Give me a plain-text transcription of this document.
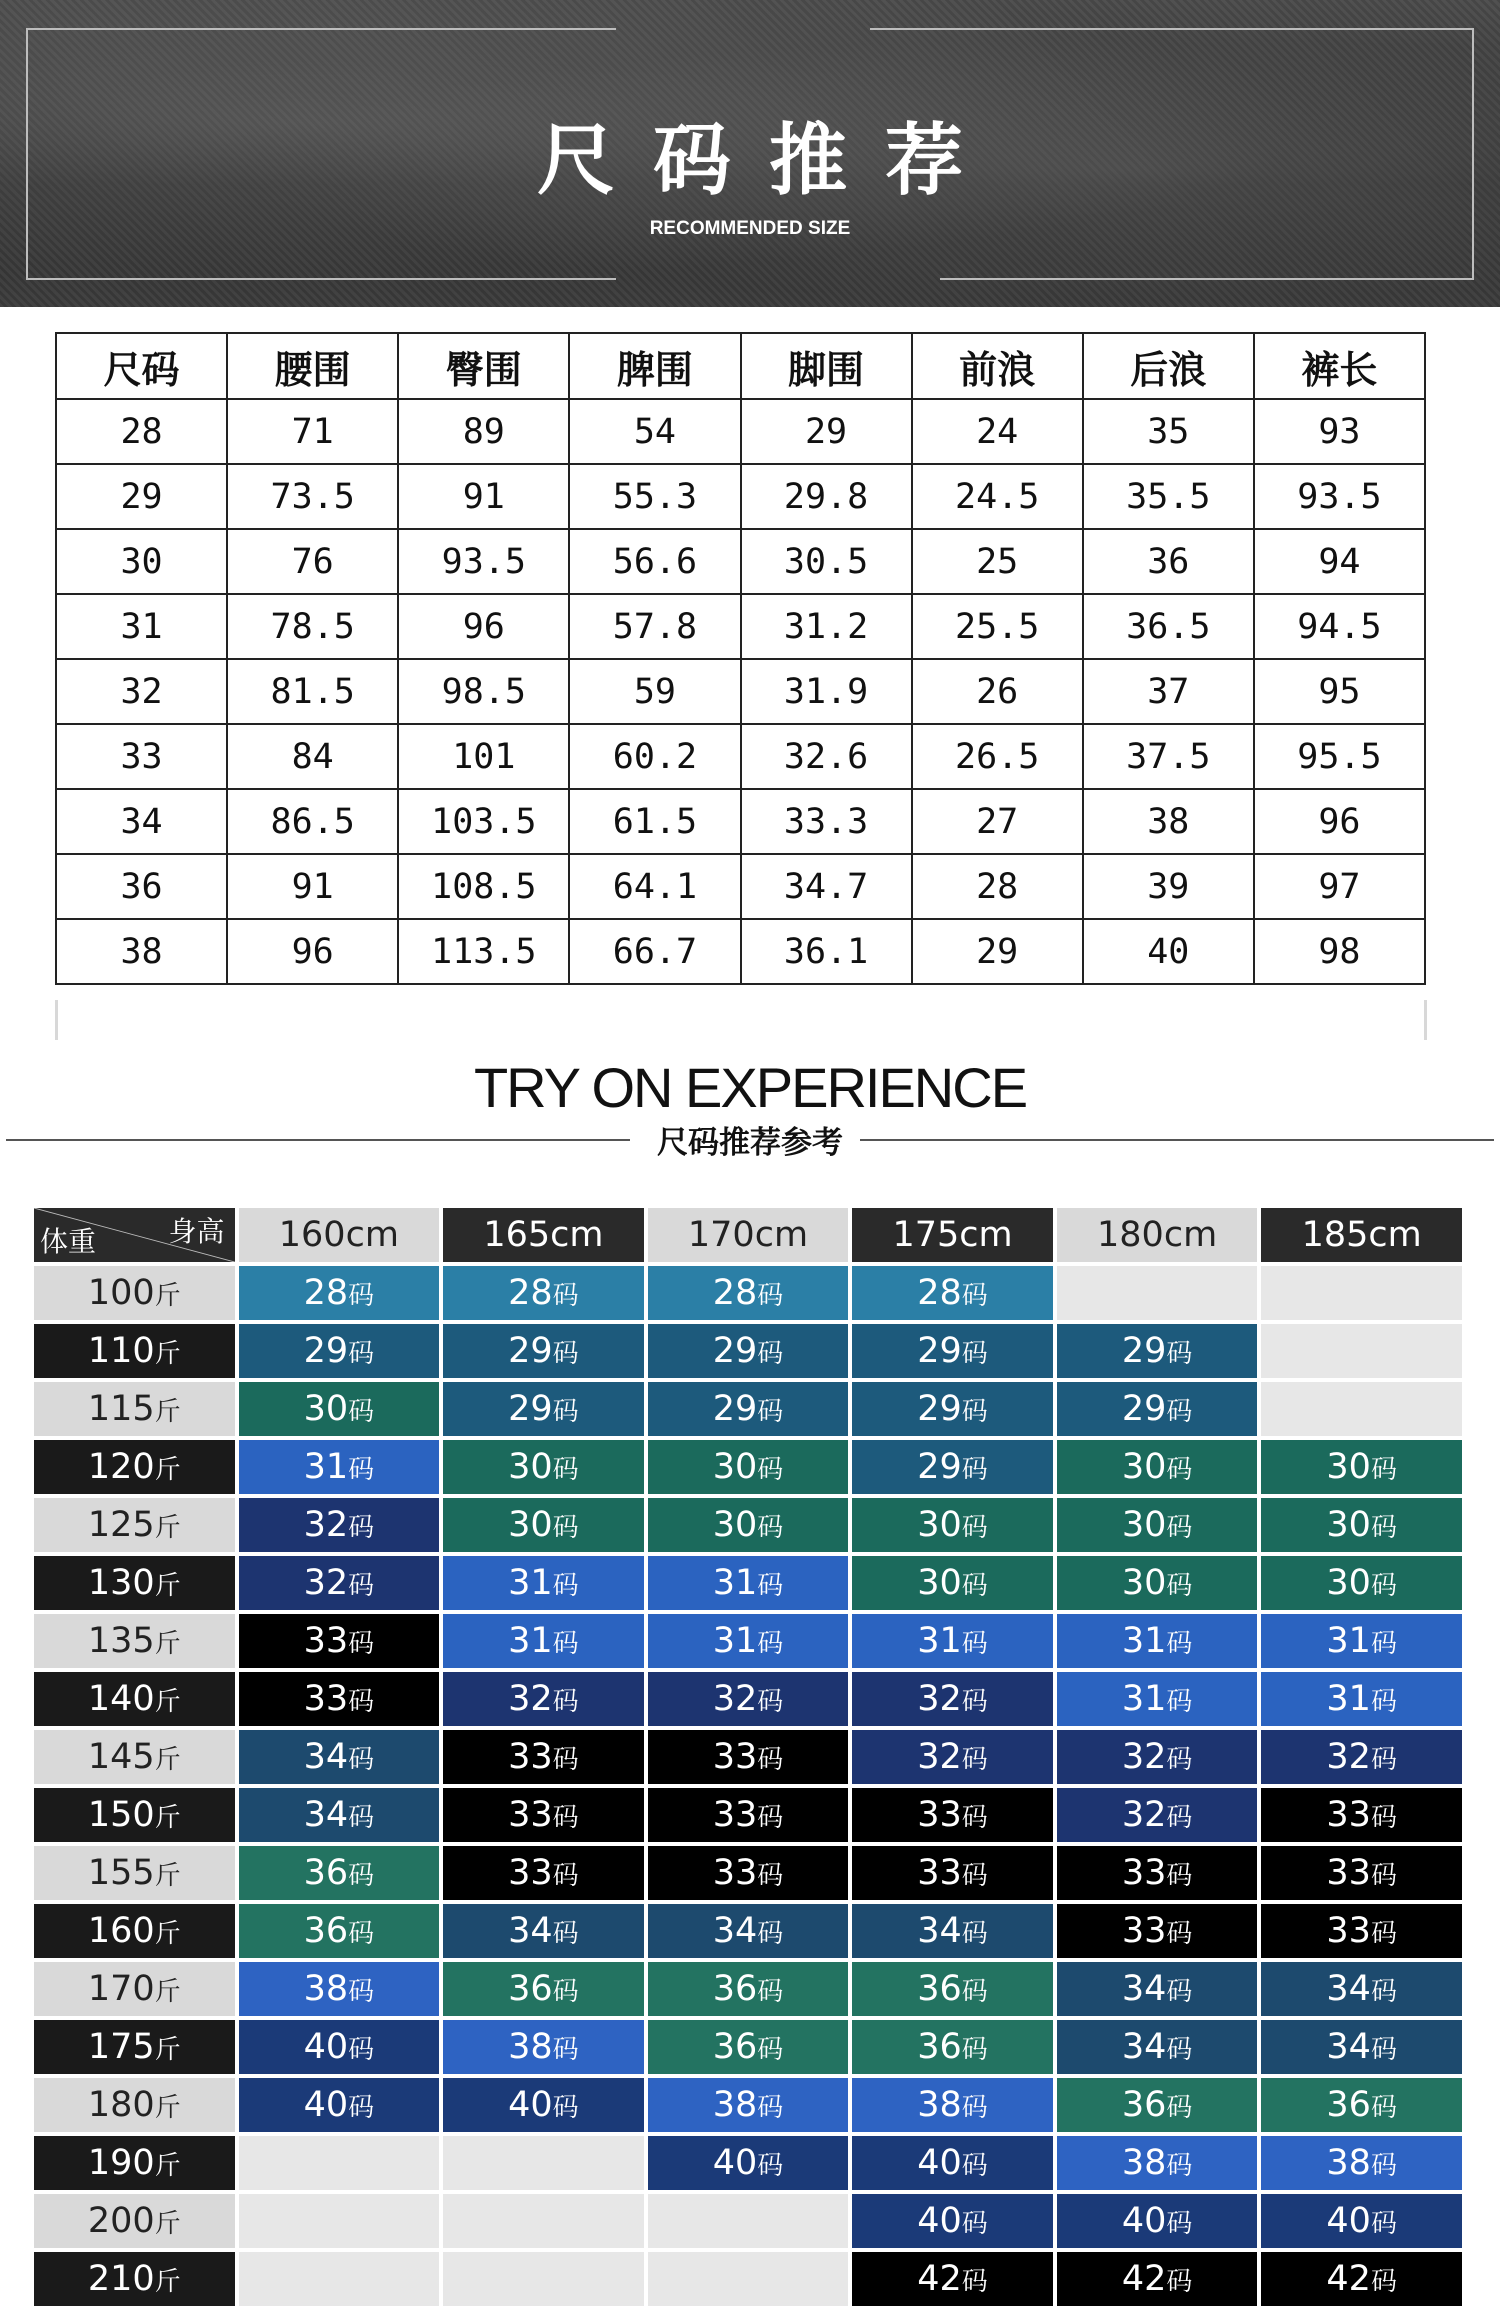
尺码推荐
RECOMMENDED SIZE
尺码	腰围	臀围	脾围	脚围	前浪	后浪	裤长
28	71	89	54	29	24	35	93
29	73.5	91	55.3	29.8	24.5	35.5	93.5
30	76	93.5	56.6	30.5	25	36	94
31	78.5	96	57.8	31.2	25.5	36.5	94.5
32	81.5	98.5	59	31.9	26	37	95
33	84	101	60.2	32.6	26.5	37.5	95.5
34	86.5	103.5	61.5	33.3	27	38	96
36	91	108.5	64.1	34.7	28	39	97
38	96	113.5	66.7	36.1	29	40	98
TRY ON EXPERIENCE
尺码推荐参考
身高
体重	160cm	165cm	170cm	175cm	180cm	185cm
100斤	28码	28码	28码	28码		
110斤	29码	29码	29码	29码	29码	
115斤	30码	29码	29码	29码	29码	
120斤	31码	30码	30码	29码	30码	30码
125斤	32码	30码	30码	30码	30码	30码
130斤	32码	31码	31码	30码	30码	30码
135斤	33码	31码	31码	31码	31码	31码
140斤	33码	32码	32码	32码	31码	31码
145斤	34码	33码	33码	32码	32码	32码
150斤	34码	33码	33码	33码	32码	33码
155斤	36码	33码	33码	33码	33码	33码
160斤	36码	34码	34码	34码	33码	33码
170斤	38码	36码	36码	36码	34码	34码
175斤	40码	38码	36码	36码	34码	34码
180斤	40码	40码	38码	38码	36码	36码
190斤			40码	40码	38码	38码
200斤				40码	40码	40码
210斤				42码	42码	42码
